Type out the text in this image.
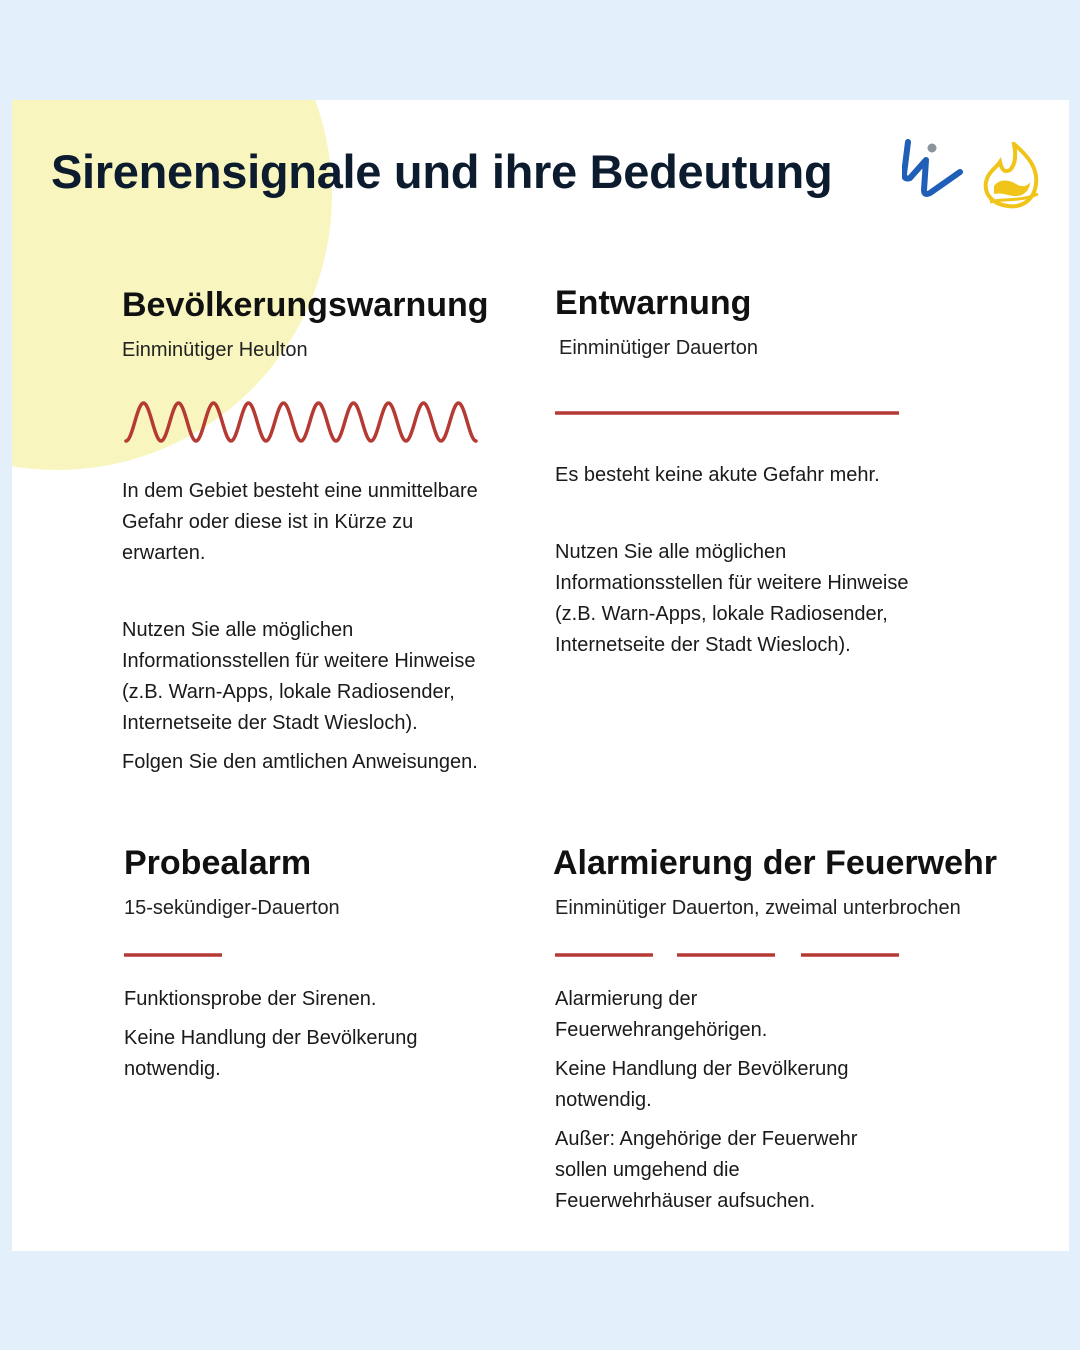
Sirenensignale und ihre Bedeutung
Bevölkerungswarnung
Einminütiger Heulton

In dem Gebiet besteht eine unmittelbare Gefahr oder diese ist in Kürze zu erwarten.

Nutzen Sie alle möglichen Informationsstellen für weitere Hinweise (z.B. Warn-Apps, lokale Radiosender, Internetseite der Stadt Wiesloch).

Folgen Sie den amtlichen Anweisungen.

Entwarnung
Einminütiger Dauerton

Es besteht keine akute Gefahr mehr.

Nutzen Sie alle möglichen Informationsstellen für weitere Hinweise (z.B. Warn-Apps, lokale Radiosender, Internetseite der Stadt Wiesloch).

Probealarm
15-sekündiger-Dauerton

Funktionsprobe der Sirenen.

Keine Handlung der Bevölkerung notwendig.

Alarmierung der Feuerwehr
Einminütiger Dauerton, zweimal unterbrochen

Alarmierung der Feuerwehrangehörigen.

Keine Handlung der Bevölkerung notwendig.

Außer: Angehörige der Feuerwehr sollen umgehend die Feuerwehrhäuser aufsuchen.
